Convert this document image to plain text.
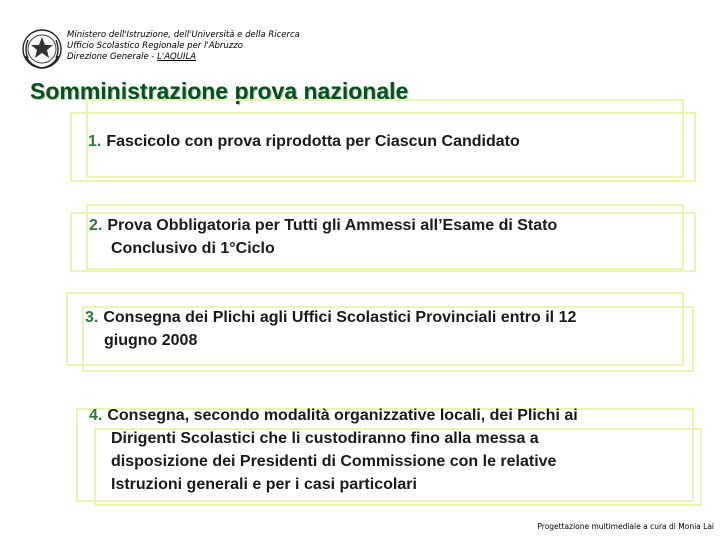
Ministero dell'Istruzione, dell'Università e della Ricerca
Ufficio Scolastico Regionale per l'Abruzzo
Direzione Generale - L'AQUILA
Somministrazione prova nazionale
1. Fascicolo con prova riprodotta per Ciascun Candidato
2. Prova Obbligatoria per Tutti gli Ammessi all’Esame di Stato
Conclusivo di 1°Ciclo
3. Consegna dei Plichi agli Uffici Scolastici Provinciali entro il 12
giugno 2008
4. Consegna, secondo modalità organizzative locali, dei Plichi ai
Dirigenti Scolastici che li custodiranno fino alla messa a
disposizione dei Presidenti di Commissione con le relative
Istruzioni generali e per i casi particolari
Progettazione multimediale a cura di Monia Lai
